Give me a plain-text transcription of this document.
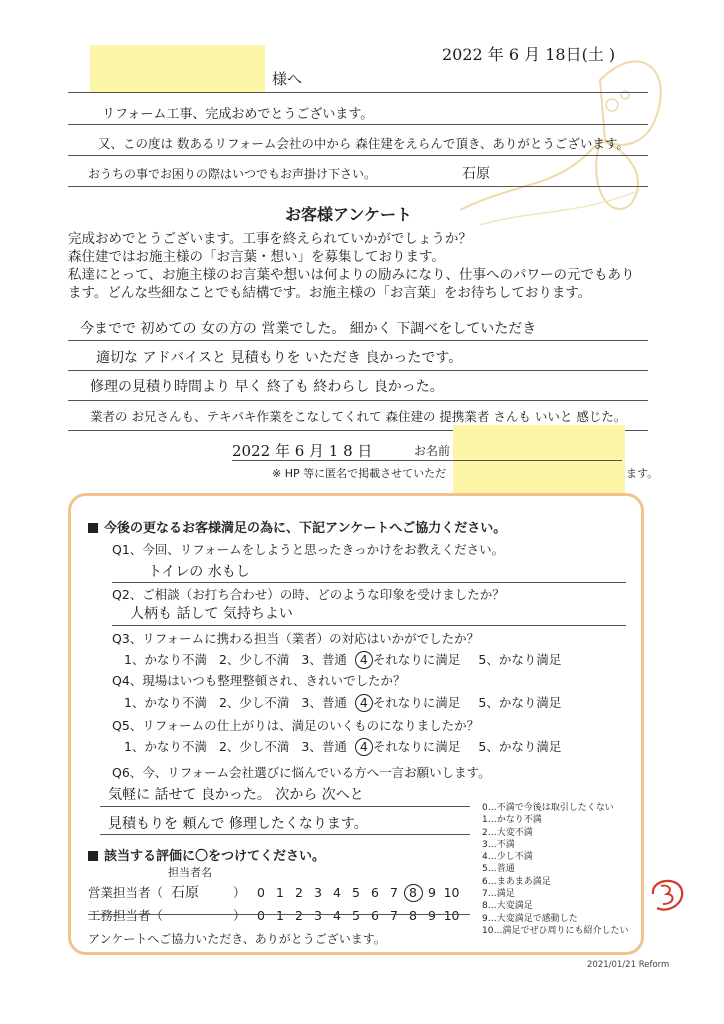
2022 年 6 月 18日(土 )
様へ
リフォーム工事、完成おめでとうございます。
又、この度は 数あるリフォーム会社の中から 森住建をえらんで頂き、ありがとうございます。
おうちの事でお困りの際はいつでもお声掛け下さい。	石原
お客様アンケート
完成おめでとうございます。工事を終えられていかがでしょうか？
森住建ではお施主様の「お言葉・想い」を募集しております。
私達にとって、お施主様のお言葉や想いは何よりの励みになり、仕事へのパワーの元でもあり
ます。どんな些細なことでも結構です。お施主様の「お言葉」をお待ちしております。
今までで 初めての 女の方の 営業でした。 細かく 下調べをしていただき
適切な アドバイスと 見積もりを いただき 良かったです。
修理の見積り時間より 早く 終了も 終わらし 良かった。
業者の お兄さんも、テキパキ作業をこなしてくれて 森住建の 提携業者 さんも いいと 感じた。
2022 年 6 月 1 8 日	お名前
※ HP 等に匿名で掲載させていただ	ます。
今後の更なるお客様満足の為に、下記アンケートへご協力ください。
Q1、今回、リフォームをしようと思ったきっかけをお教えください。
トイレの 水もし
Q2、ご相談（お打ち合わせ）の時、どのような印象を受けましたか？
人柄も 話して 気持ちよい
Q3、リフォームに携わる担当（業者）の対応はいかがでしたか？
1、かなり不満 2、少し不満 3、普通 4 それなりに満足 5、かなり満足
Q4、現場はいつも整理整頓され、きれいでしたか？
1、かなり不満 2、少し不満 3、普通 4 それなりに満足 5、かなり満足
Q5、リフォームの仕上がりは、満足のいくものになりましたか？
1、かなり不満 2、少し不満 3、普通 4 それなりに満足 5、かなり満足
Q6、今、リフォーム会社選びに悩んでいる方へ一言お願いします。
気軽に 話せて 良かった。 次から 次へと
見積もりを 頼んで 修理したくなります。
該当する評価に〇をつけてください。
担当者名
営業担当者（ 石原	） 0 1 2 3 4 5 6 7 8 9 10
工務担当者（	） 0 1 2 3 4 5 6 7 8 9 10
アンケートへご協力いただき、ありがとうございます。
0…不満で今後は取引したくない
1…かなり不満
2…大変不満
3…不満
4…少し不満
5…普通
6…まあまあ満足
7…満足
8…大変満足
9…大変満足で感動した
10…満足でぜひ周りにも紹介したい
2021/01/21 Reform
